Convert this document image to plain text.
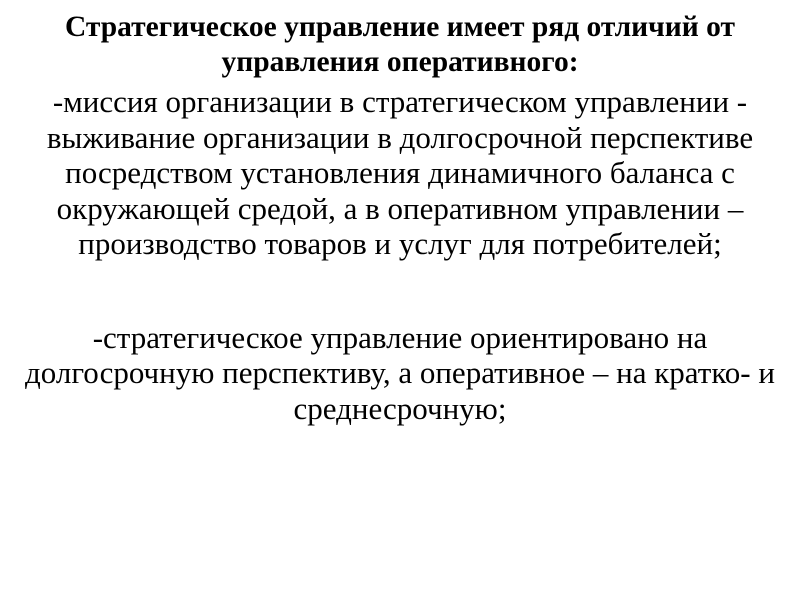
Стратегическое управление имеет ряд отличий от управления оперативного:
-миссия организации в стратегическом управлении - выживание организации в долгосрочной перспективе посредством установления динамичного баланса с окружающей средой, а в оперативном управлении – производство товаров и услуг для потребителей;
-стратегическое управление ориентировано на долгосрочную перспективу, а оперативное – на кратко- и среднесрочную;
